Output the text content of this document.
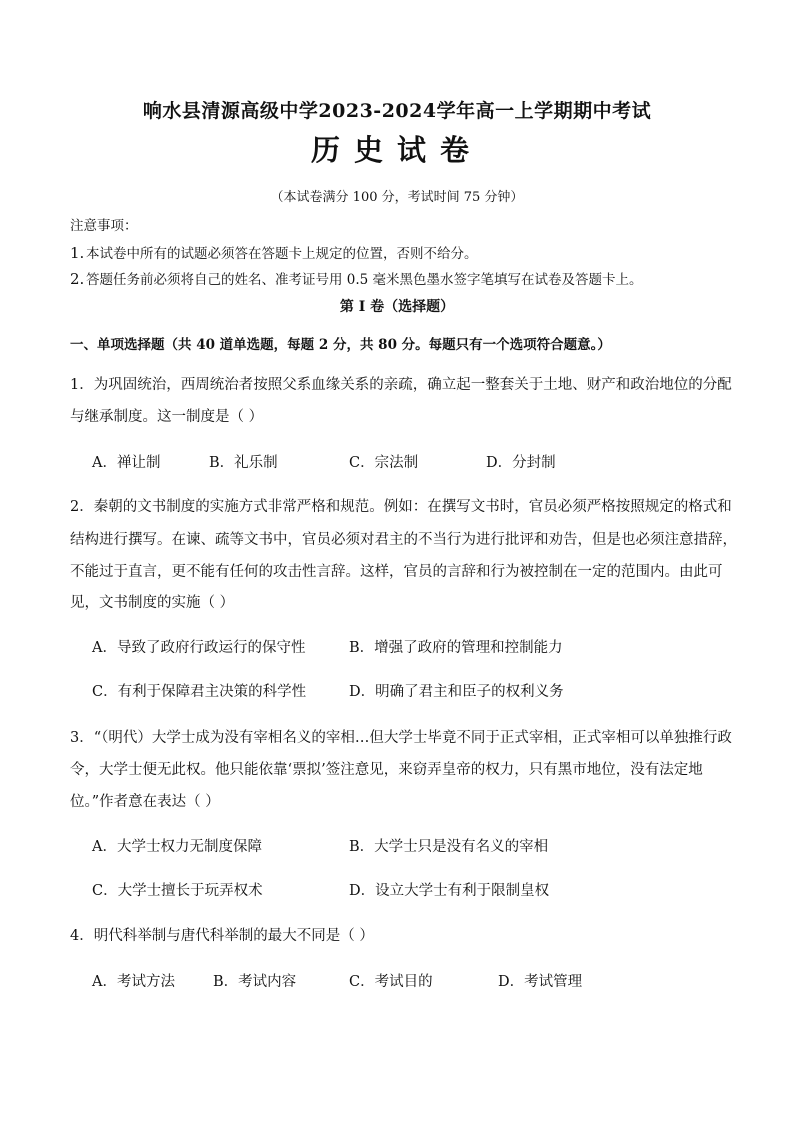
响水县清源高级中学2023-2024学年高一上学期期中考试
历史试卷
（本试卷满分 100 分，考试时间 75 分钟）
注意事项：
1. 本试卷中所有的试题必须答在答题卡上规定的位置，否则不给分。
2. 答题任务前必须将自己的姓名、准考证号用 0.5 毫米黑色墨水签字笔填写在试卷及答题卡上。
第 I 卷（选择题）
一、单项选择题（共 40 道单选题，每题 2 分，共 80 分。每题只有一个选项符合题意。）
1．为巩固统治，西周统治者按照父系血缘关系的亲疏，确立起一整套关于土地、财产和政治地位的分配
与继承制度。这一制度是（ ）
A．禅让制	B．礼乐制	C．宗法制	D．分封制
2．秦朝的文书制度的实施方式非常严格和规范。例如：在撰写文书时，官员必须严格按照规定的格式和
结构进行撰写。在谏、疏等文书中，官员必须对君主的不当行为进行批评和劝告，但是也必须注意措辞，
不能过于直言，更不能有任何的攻击性言辞。这样，官员的言辞和行为被控制在一定的范围内。由此可
见，文书制度的实施（ ）
A．导致了政府行政运行的保守性	B．增强了政府的管理和控制能力
C．有利于保障君主决策的科学性	D．明确了君主和臣子的权利义务
3．“（明代）大学士成为没有宰相名义的宰相…但大学士毕竟不同于正式宰相，正式宰相可以单独推行政
令，大学士便无此权。他只能依靠‘票拟’签注意见，来窃弄皇帝的权力，只有黑市地位，没有法定地
位。”作者意在表达（ ）
A．大学士权力无制度保障	B．大学士只是没有名义的宰相
C．大学士擅长于玩弄权术	D．设立大学士有利于限制皇权
4．明代科举制与唐代科举制的最大不同是（ ）
A．考试方法	B．考试内容	C．考试目的	D．考试管理
